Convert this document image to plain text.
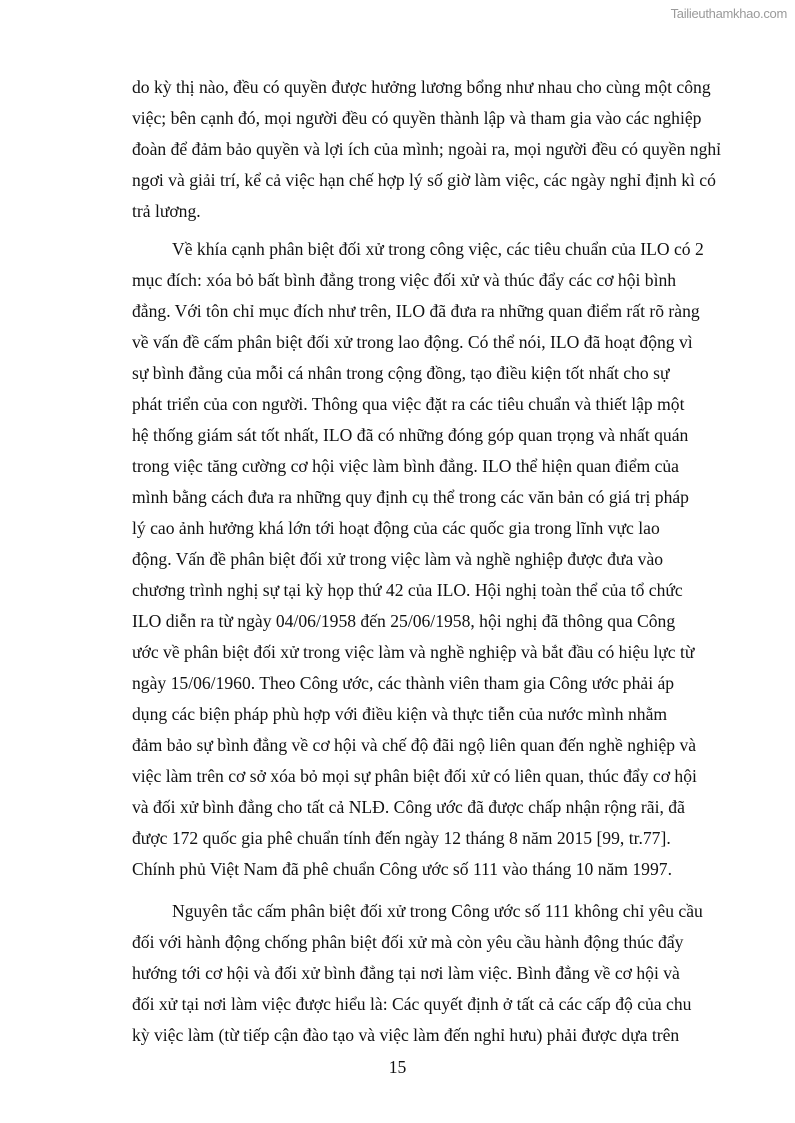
Tailieuthamkhao.com
do kỳ thị nào, đều có quyền được hưởng lương bổng như nhau cho cùng một công
việc; bên cạnh đó, mọi người đều có quyền thành lập và tham gia vào các nghiệp
đoàn để đảm bảo quyền và lợi ích của mình; ngoài ra, mọi người đều có quyền nghỉ
ngơi và giải trí, kể cả việc hạn chế hợp lý số giờ làm việc, các ngày nghỉ định kì có
trả lương.
Về khía cạnh phân biệt đối xử trong công việc, các tiêu chuẩn của ILO có 2
mục đích: xóa bỏ bất bình đẳng trong việc đối xử và thúc đẩy các cơ hội bình
đẳng. Với tôn chỉ mục đích như trên, ILO đã đưa ra những quan điểm rất rõ ràng
về vấn đề cấm phân biệt đối xử trong lao động. Có thể nói, ILO đã hoạt động vì
sự bình đẳng của mỗi cá nhân trong cộng đồng, tạo điều kiện tốt nhất cho sự
phát triển của con người. Thông qua việc đặt ra các tiêu chuẩn và thiết lập một
hệ thống giám sát tốt nhất, ILO đã có những đóng góp quan trọng và nhất quán
trong việc tăng cường cơ hội việc làm bình đẳng. ILO thể hiện quan điểm của
mình bằng cách đưa ra những quy định cụ thể trong các văn bản có giá trị pháp
lý cao ảnh hưởng khá lớn tới hoạt động của các quốc gia trong lĩnh vực lao
động. Vấn đề phân biệt đối xử trong việc làm và nghề nghiệp được đưa vào
chương trình nghị sự tại kỳ họp thứ 42 của ILO. Hội nghị toàn thể của tổ chức
ILO diễn ra từ ngày 04/06/1958 đến 25/06/1958, hội nghị đã thông qua Công
ước về phân biệt đối xử trong việc làm và nghề nghiệp và bắt đầu có hiệu lực từ
ngày 15/06/1960. Theo Công ước, các thành viên tham gia Công ước phải áp
dụng các biện pháp phù hợp với điều kiện và thực tiễn của nước mình nhằm
đảm bảo sự bình đẳng về cơ hội và chế độ đãi ngộ liên quan đến nghề nghiệp và
việc làm trên cơ sở xóa bỏ mọi sự phân biệt đối xử có liên quan, thúc đẩy cơ hội
và đối xử bình đẳng cho tất cả NLĐ. Công ước đã được chấp nhận rộng rãi, đã
được 172 quốc gia phê chuẩn tính đến ngày 12 tháng 8 năm 2015 [99, tr.77].
Chính phủ Việt Nam đã phê chuẩn Công ước số 111 vào tháng 10 năm 1997.
Nguyên tắc cấm phân biệt đối xử trong Công ước số 111 không chỉ yêu cầu
đối với hành động chống phân biệt đối xử mà còn yêu cầu hành động thúc đẩy
hướng tới cơ hội và đối xử bình đẳng tại nơi làm việc. Bình đẳng về cơ hội và
đối xử tại nơi làm việc được hiểu là: Các quyết định ở tất cả các cấp độ của chu
kỳ việc làm (từ tiếp cận đào tạo và việc làm đến nghỉ hưu) phải được dựa trên
15
